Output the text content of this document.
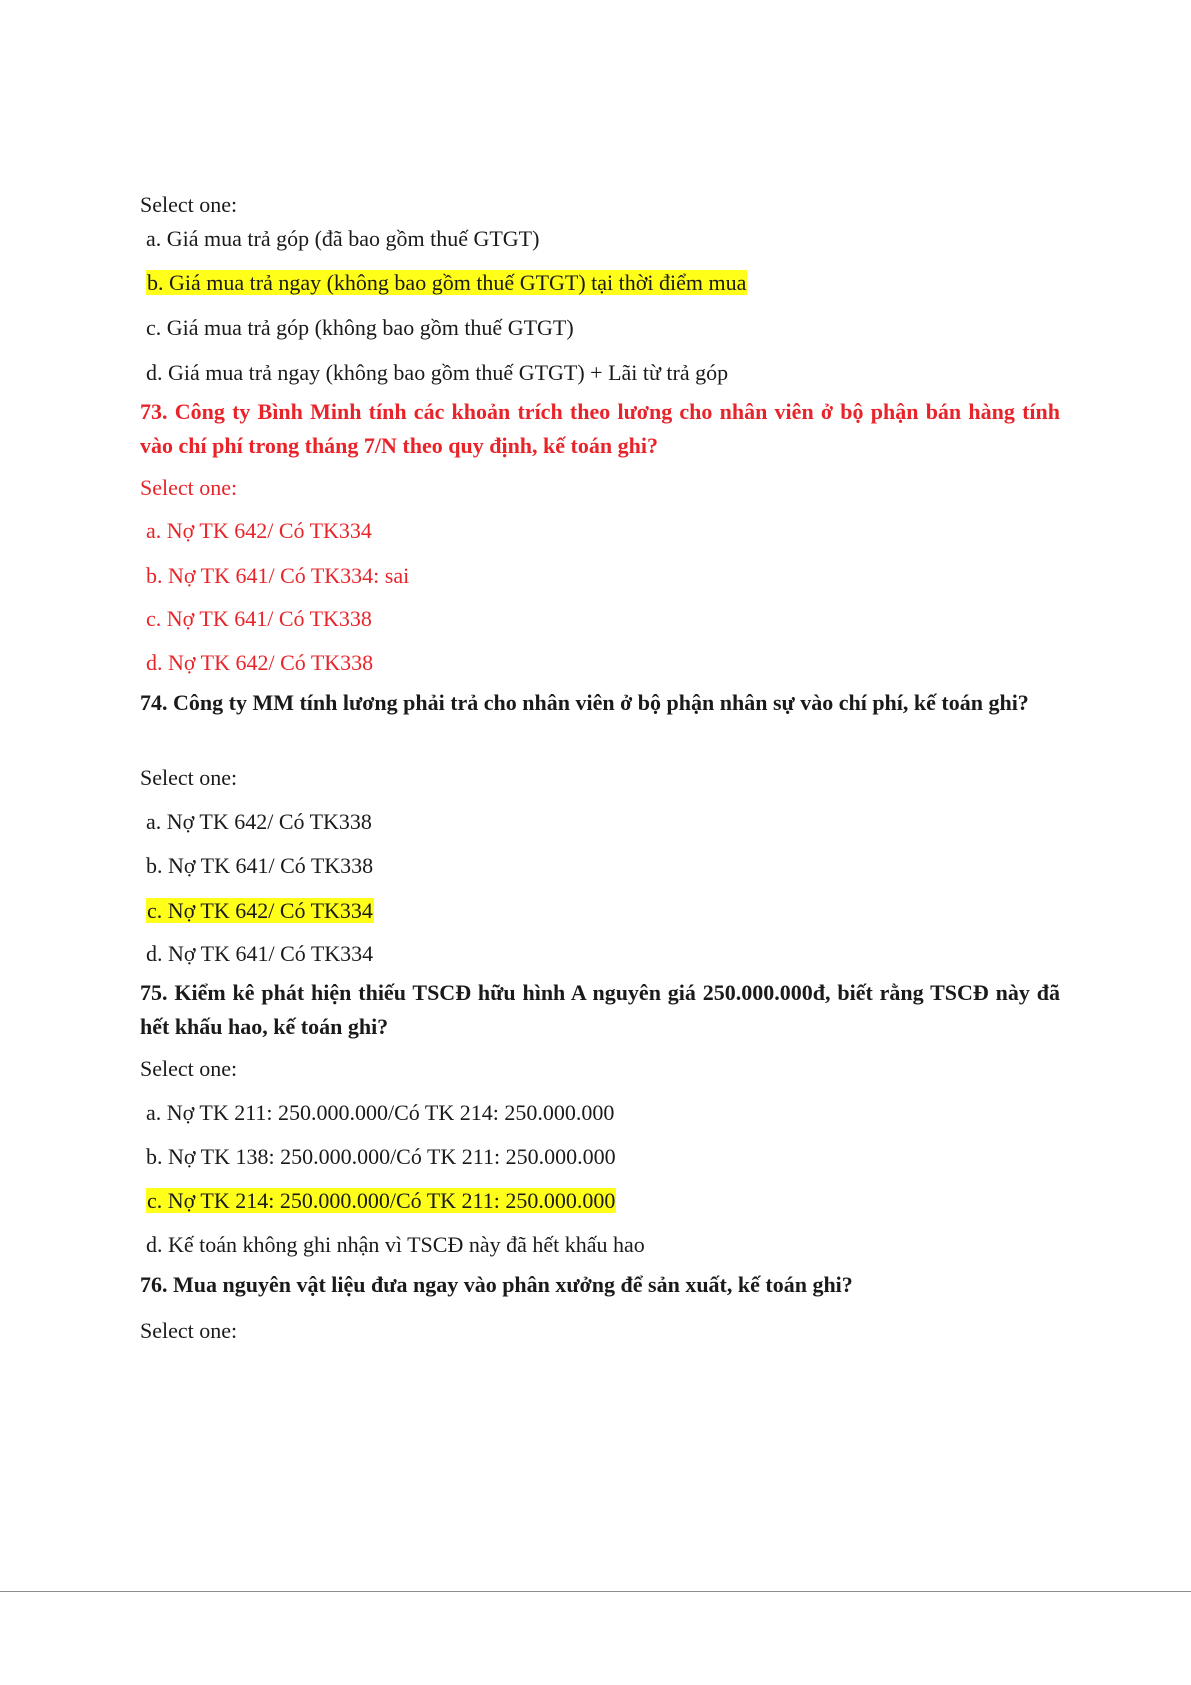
Select one:
a. Giá mua trả góp (đã bao gồm thuế GTGT)
b. Giá mua trả ngay (không bao gồm thuế GTGT) tại thời điểm mua
c. Giá mua trả góp (không bao gồm thuế GTGT)
d. Giá mua trả ngay (không bao gồm thuế GTGT) + Lãi từ trả góp
73. Công ty Bình Minh tính các khoản trích theo lương cho nhân viên ở bộ phận bán hàng tính vào chí phí trong tháng 7/N theo quy định, kế toán ghi?
Select one:
a. Nợ TK 642/ Có TK334
b. Nợ TK 641/ Có TK334: sai
c. Nợ TK 641/ Có TK338
d. Nợ TK 642/ Có TK338
74. Công ty MM tính lương phải trả cho nhân viên ở bộ phận nhân sự vào chí phí, kế toán ghi?
Select one:
a. Nợ TK 642/ Có TK338
b. Nợ TK 641/ Có TK338
c. Nợ TK 642/ Có TK334
d. Nợ TK 641/ Có TK334
75. Kiểm kê phát hiện thiếu TSCĐ hữu hình A nguyên giá 250.000.000đ, biết rằng TSCĐ này đã hết khấu hao, kế toán ghi?
Select one:
a. Nợ TK 211: 250.000.000/Có TK 214: 250.000.000
b. Nợ TK 138: 250.000.000/Có TK 211: 250.000.000
c. Nợ TK 214: 250.000.000/Có TK 211: 250.000.000
d. Kế toán không ghi nhận vì TSCĐ này đã hết khấu hao
76. Mua nguyên vật liệu đưa ngay vào phân xưởng để sản xuất, kế toán ghi?
Select one:
